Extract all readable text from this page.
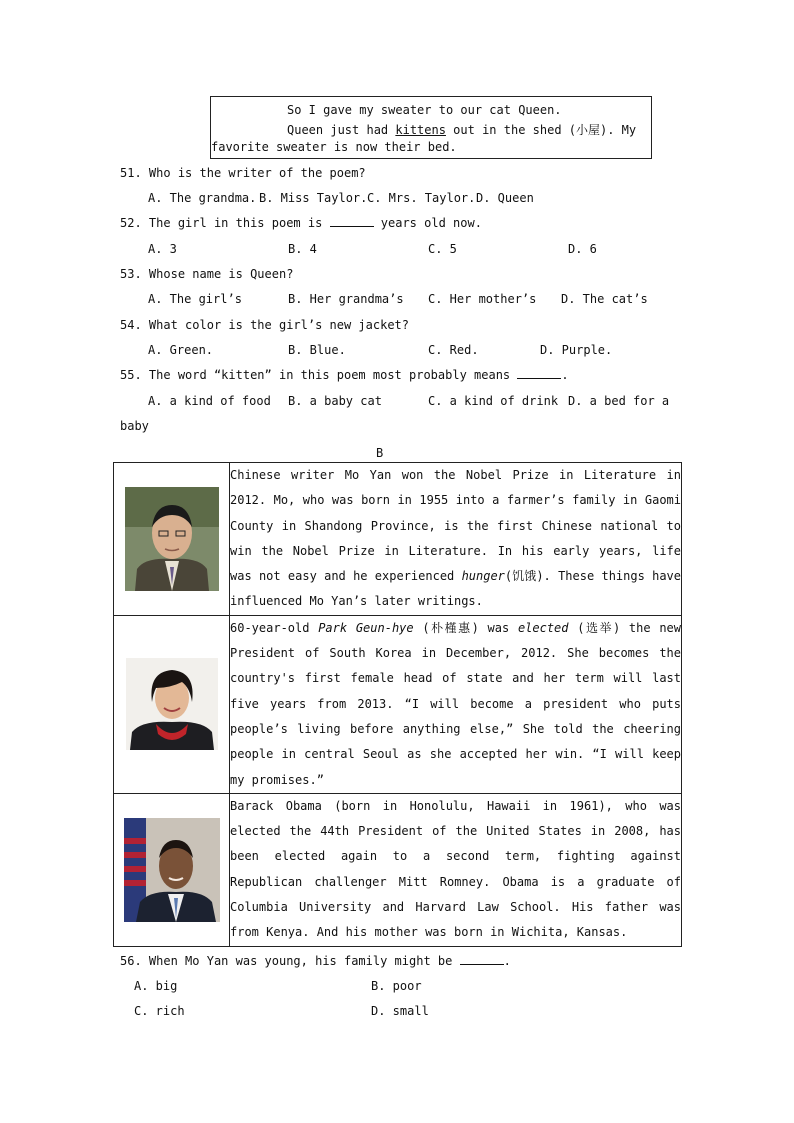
So I gave my sweater to our cat Queen.
Queen just had kittens out in the shed (小屋). My
favorite sweater is now their bed.
51. Who is the writer of the poem?
A. The grandma. B. Miss Taylor. C. Mrs. Taylor. D. Queen
52. The girl in this poem is	years old now.
A. 3	B. 4	C. 5	D. 6
53. Whose name is Queen?
A. The girl’s	B. Her grandma’s C. Her mother’s D. The cat’s
54. What color is the girl’s new jacket?
A. Green.	B. Blue.	C. Red.	D. Purple.
55. The word “kitten” in this poem most probably means	.
A. a kind of food B. a baby cat	C. a kind of drink D. a bed for a
baby
B
	Chinese writer Mo Yan won the Nobel Prize in Literature in 2012. Mo, who was born in 1955 into a farmer’s family in Gaomi County in Shandong Province, is the first Chinese national to win the Nobel Prize in Literature. In his early years, life was not easy and he experienced hunger(饥饿). These things have influenced Mo Yan’s later writings.

	60-year-old Park Geun-hye (朴槿惠) was elected (选举) the new President of South Korea in December, 2012. She becomes the country's first female head of state and her term will last five years from 2013. “I will become a president who puts people’s living before anything else,” She told the cheering people in central Seoul as she accepted her win. “I will keep my promises.”

	Barack Obama (born in Honolulu, Hawaii in 1961), who was elected the 44th President of the United States in 2008, has been elected again to a second term, fighting against Republican challenger Mitt Romney. Obama is a graduate of Columbia University and Harvard Law School. His father was from Kenya. And his mother was born in Wichita, Kansas.
56. When Mo Yan was young, his family might be	.
A. big	B. poor
C. rich	D. small
